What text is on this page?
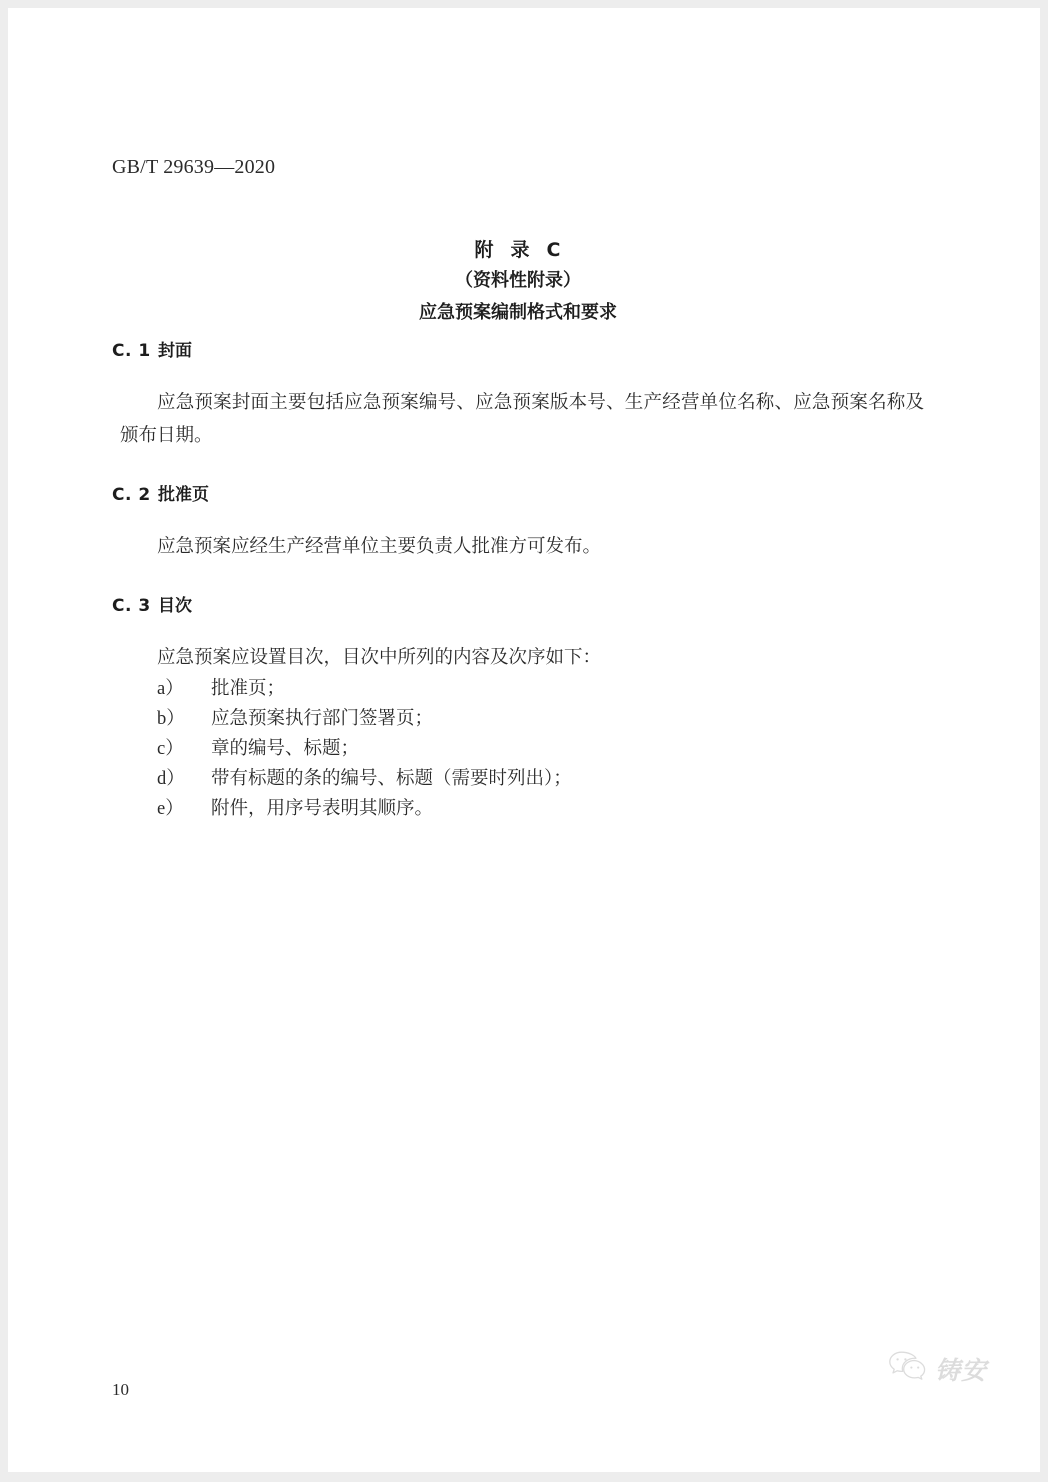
GB/T 29639—2020
附 录 C
（资料性附录）
应急预案编制格式和要求
C. 1 封面

应急预案封面主要包括应急预案编号、应急预案版本号、生产经营单位名称、应急预案名称及颁布日期。

C. 2 批准页

应急预案应经生产经营单位主要负责人批准方可发布。

C. 3 目次

应急预案应设置目次，目次中所列的内容及次序如下：

a） 批准页；
b） 应急预案执行部门签署页；
c） 章的编号、标题；
d） 带有标题的条的编号、标题（需要时列出）；
e） 附件，用序号表明其顺序。
10
铸安
